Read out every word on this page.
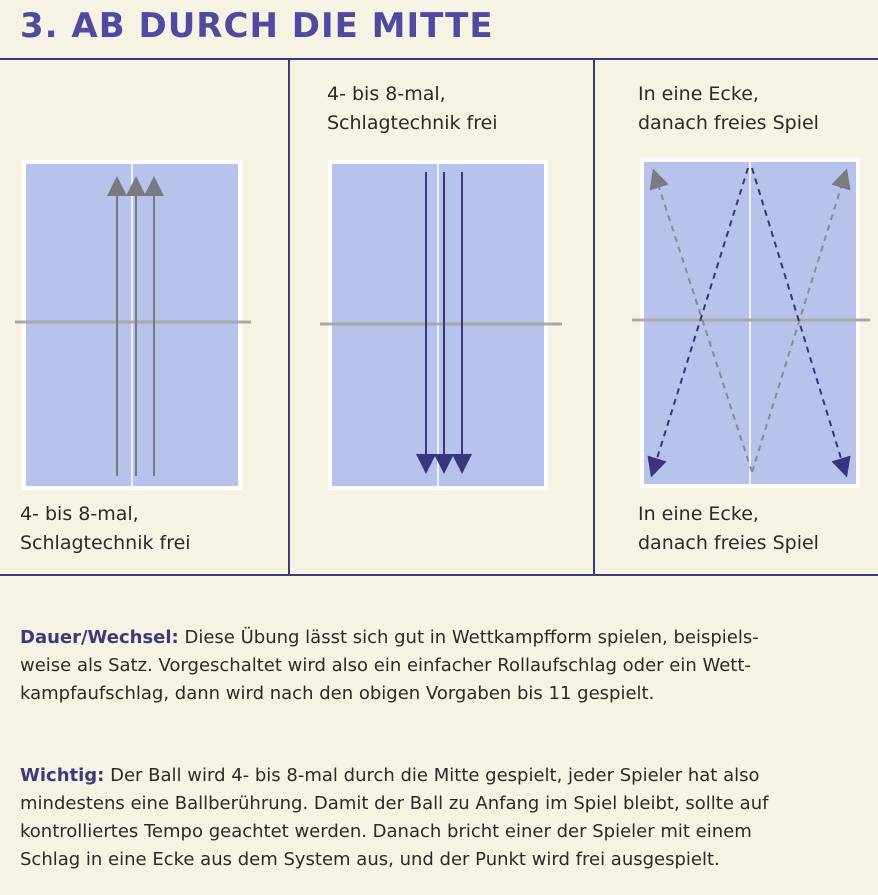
3. AB DURCH DIE MITTE
4- bis 8-mal,
Schlagtechnik frei
4- bis 8-mal,
Schlagtechnik frei
In eine Ecke,
danach freies Spiel
In eine Ecke,
danach freies Spiel
Dauer/Wechsel: Diese Übung lässt sich gut in Wettkampfform spielen, beispiels-
weise als Satz. Vorgeschaltet wird also ein einfacher Rollaufschlag oder ein Wett-
kampfaufschlag, dann wird nach den obigen Vorgaben bis 11 gespielt.
Wichtig: Der Ball wird 4- bis 8-mal durch die Mitte gespielt, jeder Spieler hat also
mindestens eine Ballberührung. Damit der Ball zu Anfang im Spiel bleibt, sollte auf
kontrolliertes Tempo geachtet werden. Danach bricht einer der Spieler mit einem
Schlag in eine Ecke aus dem System aus, und der Punkt wird frei ausgespielt.
